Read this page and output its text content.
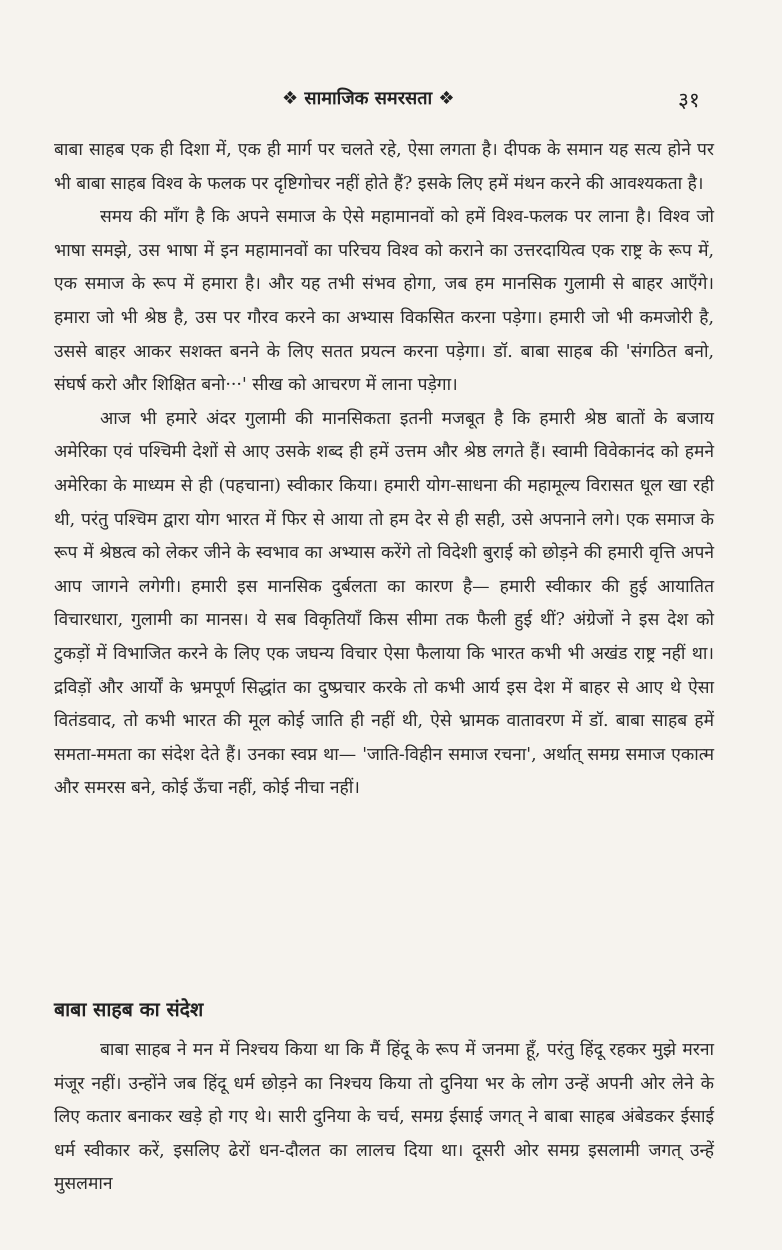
❖ सामाजिक समरसता ❖	३१

बाबा साहब एक ही दिशा में, एक ही मार्ग पर चलते रहे, ऐसा लगता है। दीपक के समान यह सत्य होने पर भी बाबा साहब विश्व के फलक पर दृष्टिगोचर नहीं होते हैं? इसके लिए हमें मंथन करने की आवश्यकता है।

समय की माँग है कि अपने समाज के ऐसे महामानवों को हमें विश्व-फलक पर लाना है। विश्व जो भाषा समझे, उस भाषा में इन महामानवों का परिचय विश्व को कराने का उत्तरदायित्व एक राष्ट्र के रूप में, एक समाज के रूप में हमारा है। और यह तभी संभव होगा, जब हम मानसिक गुलामी से बाहर आएँगे। हमारा जो भी श्रेष्ठ है, उस पर गौरव करने का अभ्यास विकसित करना पड़ेगा। हमारी जो भी कमजोरी है, उससे बाहर आकर सशक्त बनने के लिए सतत प्रयत्न करना पड़ेगा। डॉ. बाबा साहब की 'संगठित बनो, संघर्ष करो और शिक्षित बनो···' सीख को आचरण में लाना पड़ेगा।

आज भी हमारे अंदर गुलामी की मानसिकता इतनी मजबूत है कि हमारी श्रेष्ठ बातों के बजाय अमेरिका एवं पश्चिमी देशों से आए उसके शब्द ही हमें उत्तम और श्रेष्ठ लगते हैं। स्वामी विवेकानंद को हमने अमेरिका के माध्यम से ही (पहचाना) स्वीकार किया। हमारी योग-साधना की महामूल्य विरासत धूल खा रही थी, परंतु पश्चिम द्वारा योग भारत में फिर से आया तो हम देर से ही सही, उसे अपनाने लगे। एक समाज के रूप में श्रेष्ठत्व को लेकर जीने के स्वभाव का अभ्यास करेंगे तो विदेशी बुराई को छोड़ने की हमारी वृत्ति अपने आप जागने लगेगी। हमारी इस मानसिक दुर्बलता का कारण है— हमारी स्वीकार की हुई आयातित विचारधारा, गुलामी का मानस। ये सब विकृतियाँ किस सीमा तक फैली हुई थीं? अंग्रेजों ने इस देश को टुकड़ों में विभाजित करने के लिए एक जघन्य विचार ऐसा फैलाया कि भारत कभी भी अखंड राष्ट्र नहीं था। द्रविड़ों और आर्यों के भ्रमपूर्ण सिद्धांत का दुष्प्रचार करके तो कभी आर्य इस देश में बाहर से आए थे ऐसा वितंडवाद, तो कभी भारत की मूल कोई जाति ही नहीं थी, ऐसे भ्रामक वातावरण में डॉ. बाबा साहब हमें समता-ममता का संदेश देते हैं। उनका स्वप्न था— 'जाति-विहीन समाज रचना', अर्थात् समग्र समाज एकात्म और समरस बने, कोई ऊँचा नहीं, कोई नीचा नहीं।

बाबा साहब का संदेश

बाबा साहब ने मन में निश्चय किया था कि मैं हिंदू के रूप में जनमा हूँ, परंतु हिंदू रहकर मुझे मरना मंजूर नहीं। उन्होंने जब हिंदू धर्म छोड़ने का निश्चय किया तो दुनिया भर के लोग उन्हें अपनी ओर लेने के लिए कतार बनाकर खड़े हो गए थे। सारी दुनिया के चर्च, समग्र ईसाई जगत् ने बाबा साहब अंबेडकर ईसाई धर्म स्वीकार करें, इसलिए ढेरों धन-दौलत का लालच दिया था। दूसरी ओर समग्र इसलामी जगत् उन्हें मुसलमान
